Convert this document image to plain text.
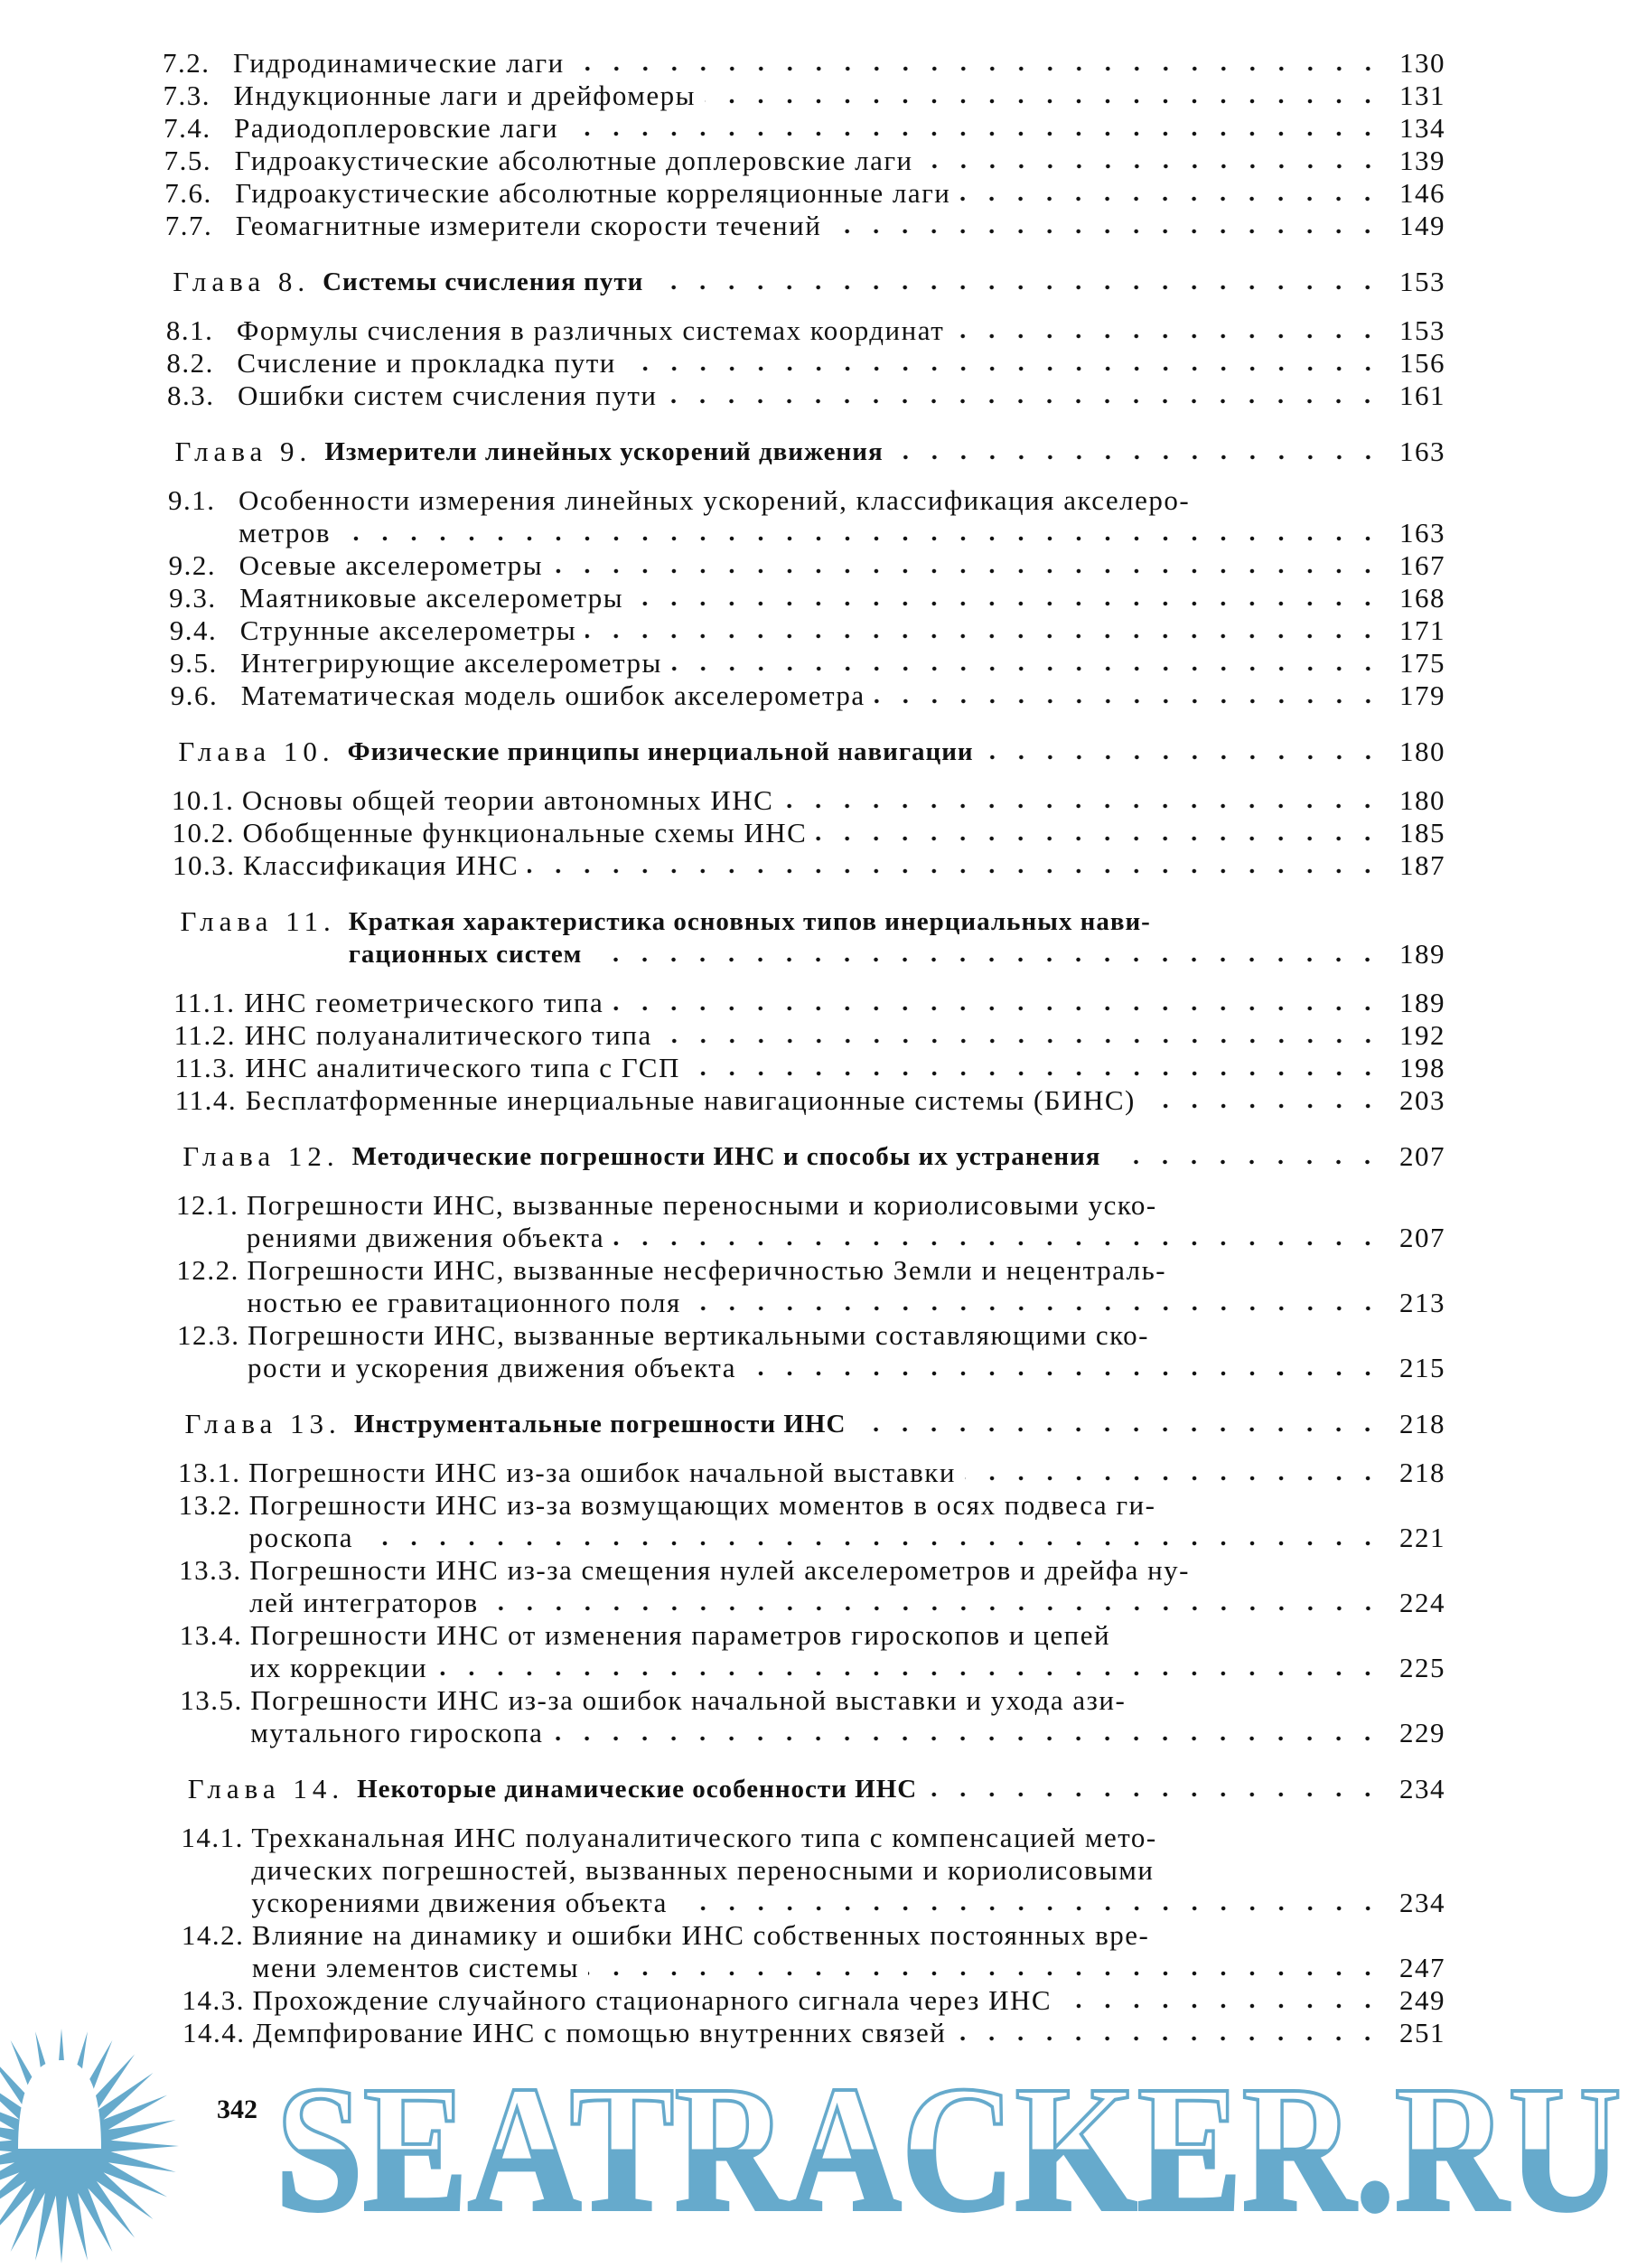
7.2. Гидродинамические лаги	130
7.3. Индукционные лаги и дрейфомеры	131
7.4. Радиодоплеровские лаги	134
7.5. Гидроакустические абсолютные доплеровские лаги	139
7.6. Гидроакустические абсолютные корреляционные лаги	146
7.7. Геомагнитные измерители скорости течений	149
Глава 8. Системы счисления пути	153
8.1. Формулы счисления в различных системах координат	153
8.2. Счисление и прокладка пути	156
8.3. Ошибки систем счисления пути	161
Глава 9. Измерители линейных ускорений движения	163
9.1. Особенности измерения линейных ускорений, классификация акселеро-
метров	163
9.2. Осевые акселерометры	167
9.3. Маятниковые акселерометры	168
9.4. Струнные акселерометры	171
9.5. Интегрирующие акселерометры	175
9.6. Математическая модель ошибок акселерометра	179
Глава 10. Физические принципы инерциальной навигации	180
10.1. Основы общей теории автономных ИНС	180
10.2. Обобщенные функциональные схемы ИНС	185
10.3. Классификация ИНС	187
Глава 11. Краткая характеристика основных типов инерциальных нави-
гационных систем	189
11.1. ИНС геометрического типа	189
11.2. ИНС полуаналитического типа	192
11.3. ИНС аналитического типа с ГСП	198
11.4. Бесплатформенные инерциальные навигационные системы (БИНС)	203
Глава 12. Методические погрешности ИНС и способы их устранения	207
12.1. Погрешности ИНС, вызванные переносными и кориолисовыми уско-
рениями движения объекта	207
12.2. Погрешности ИНС, вызванные несферичностью Земли и нецентраль-
ностью ее гравитационного поля	213
12.3. Погрешности ИНС, вызванные вертикальными составляющими ско-
рости и ускорения движения объекта	215
Глава 13. Инструментальные погрешности ИНС	218
13.1. Погрешности ИНС из-за ошибок начальной выставки	218
13.2. Погрешности ИНС из-за возмущающих моментов в осях подвеса ги-
роскопа	221
13.3. Погрешности ИНС из-за смещения нулей акселерометров и дрейфа ну-
лей интеграторов	224
13.4. Погрешности ИНС от изменения параметров гироскопов и цепей
их коррекции	225
13.5. Погрешности ИНС из-за ошибок начальной выставки и ухода ази-
мутального гироскопа	229
Глава 14. Некоторые динамические особенности ИНС	234
14.1. Трехканальная ИНС полуаналитического типа с компенсацией мето-
дических погрешностей, вызванных переносными и кориолисовыми
ускорениями движения объекта	234
14.2. Влияние на динамику и ошибки ИНС собственных постоянных вре-
мени элементов системы	247
14.3. Прохождение случайного стационарного сигнала через ИНС	249
14.4. Демпфирование ИНС с помощью внутренних связей	251
SEATRACKER.RU
342
